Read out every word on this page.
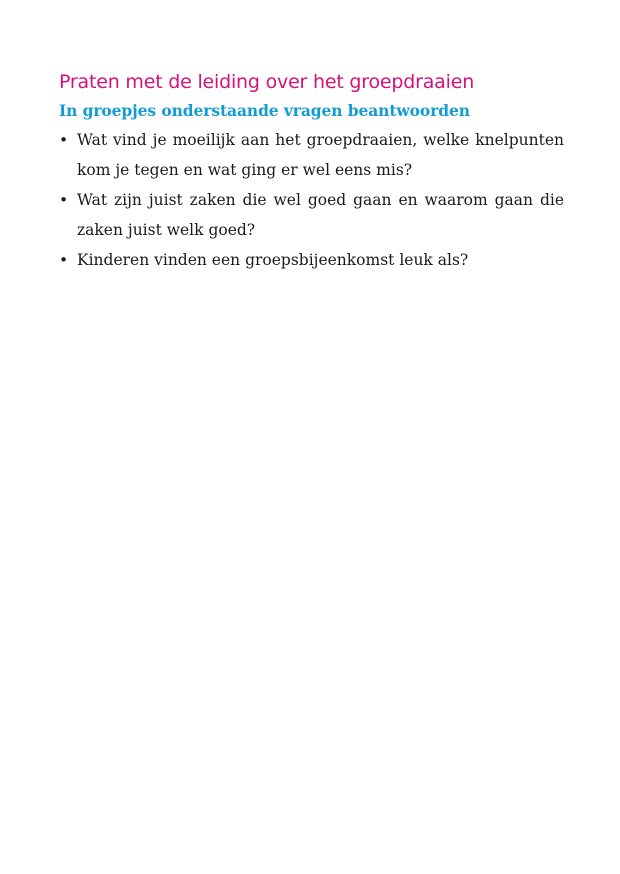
Praten met de leiding over het groepdraaien
In groepjes onderstaande vragen beantwoorden
• Wat vind je moeilijk aan het groepdraaien, welke knelpunten kom je tegen en wat ging er wel eens mis?
• Wat zijn juist zaken die wel goed gaan en waarom gaan die zaken juist welk goed?
• Kinderen vinden een groepsbijeenkomst leuk als?
